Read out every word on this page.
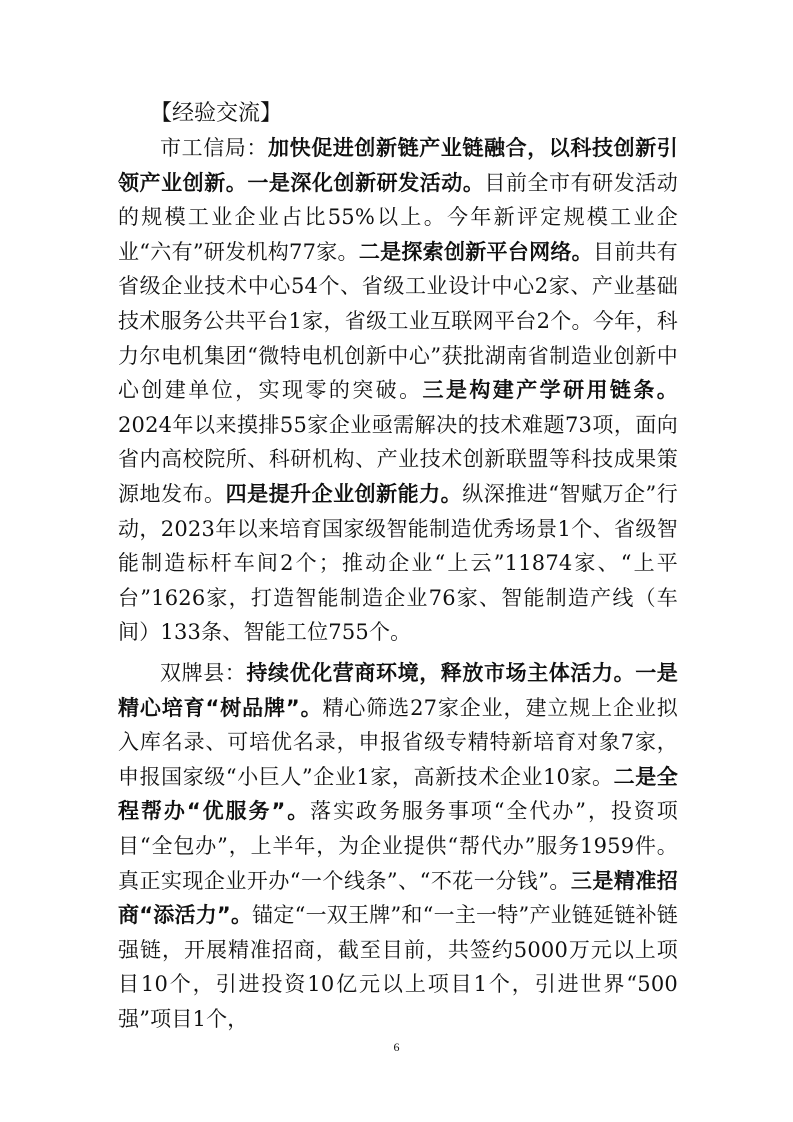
【经验交流】

市工信局：加快促进创新链产业链融合，以科技创新引领产业创新。一是深化创新研发活动。目前全市有研发活动的规模工业企业占比55%以上。今年新评定规模工业企业“六有”研发机构77家。二是探索创新平台网络。目前共有省级企业技术中心54个、省级工业设计中心2家、产业基础技术服务公共平台1家，省级工业互联网平台2个。今年，科力尔电机集团“微特电机创新中心”获批湖南省制造业创新中心创建单位，实现零的突破。三是构建产学研用链条。2024年以来摸排55家企业亟需解决的技术难题73项，面向省内高校院所、科研机构、产业技术创新联盟等科技成果策源地发布。四是提升企业创新能力。纵深推进“智赋万企”行动，2023年以来培育国家级智能制造优秀场景1个、省级智能制造标杆车间2个；推动企业“上云”11874家、“上平台”1626家，打造智能制造企业76家、智能制造产线（车间）133条、智能工位755个。

双牌县：持续优化营商环境，释放市场主体活力。一是精心培育“树品牌”。精心筛选27家企业，建立规上企业拟入库名录、可培优名录，申报省级专精特新培育对象7家，申报国家级“小巨人”企业1家，高新技术企业10家。二是全程帮办“优服务”。落实政务服务事项“全代办”，投资项目“全包办”，上半年，为企业提供“帮代办”服务1959件。真正实现企业开办“一个线条”、“不花一分钱”。三是精准招商“添活力”。锚定“一双王牌”和“一主一特”产业链延链补链强链，开展精准招商，截至目前，共签约5000万元以上项目10个，引进投资10亿元以上项目1个，引进世界“500强”项目1个，

6
